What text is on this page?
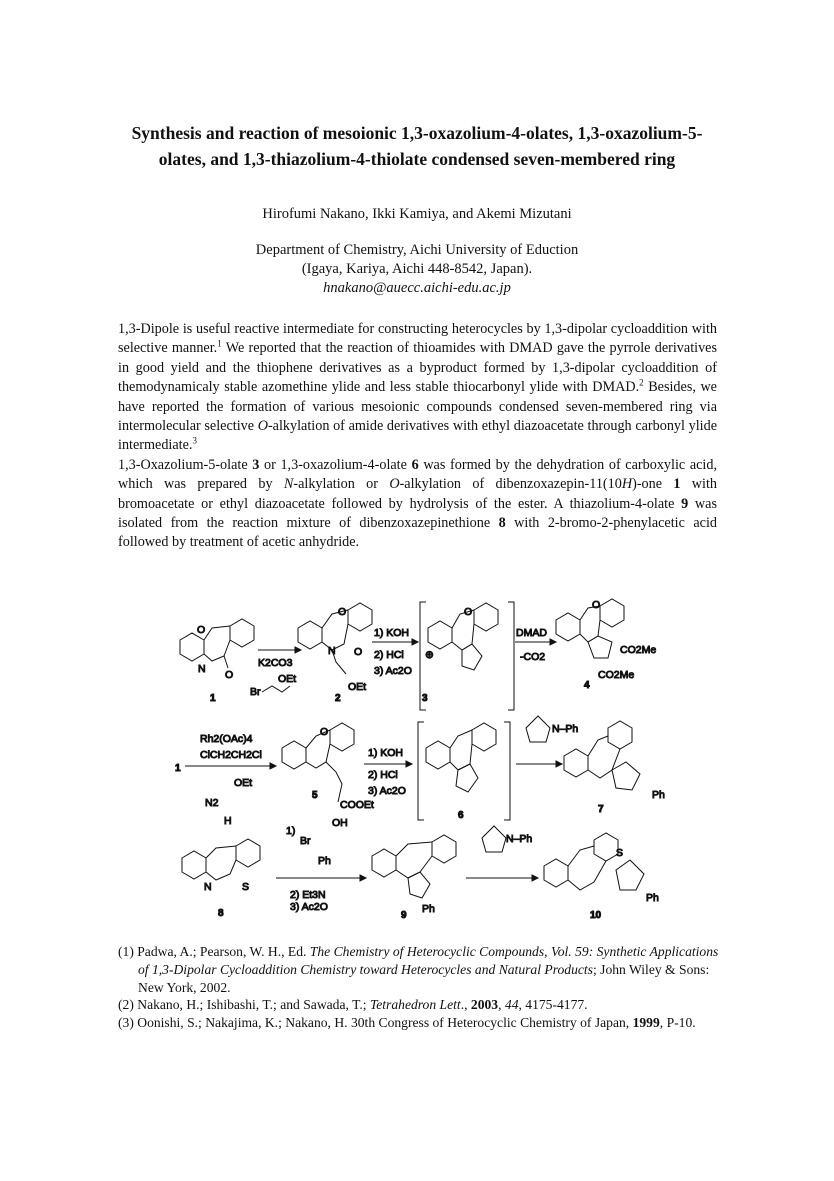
Synthesis and reaction of mesoionic 1,3-oxazolium-4-olates, 1,3-oxazolium-5-olates, and 1,3-thiazolium-4-thiolate condensed seven-membered ring
Hirofumi Nakano, Ikki Kamiya, and Akemi Mizutani
Department of Chemistry, Aichi University of Eduction
(Igaya, Kariya, Aichi 448-8542, Japan).
hnakano@auecc.aichi-edu.ac.jp

1,3-Dipole is useful reactive intermediate for constructing heterocycles by 1,3-dipolar cycloaddition with selective manner.$^1$ We reported that the reaction of thioamides with DMAD gave the pyrrole derivatives in good yield and the thiophene derivatives as a byproduct formed by 1,3-dipolar cycloaddition of themodynamicaly stable azomethine ylide and less stable thiocarbonyl ylide with DMAD.$^2$ Besides, we have reported the formation of various mesoionic compounds condensed seven-membered ring via intermolecular selective O-alkylation of amide derivatives with ethyl diazoacetate through carbonyl ylide intermediate.$^3$

1,3-Oxazolium-5-olate 3 or 1,3-oxazolium-4-olate 6 was formed by the dehydration of carboxylic acid, which was prepared by N-alkylation or O-alkylation of dibenzoxazepin-11(10H)-one 1 with bromoacetate or ethyl diazoacetate followed by hydrolysis of the ester. A thiazolium-4-olate 9 was isolated from the reaction mixture of dibenzoxazepinethione 8 with 2-bromo-2-phenylacetic acid followed by treatment of acetic anhydride.

O
N O
1
K2CO3
OEt
Br
O
N O
OEt
2
1) KOH
2) HCl
3) Ac2O
O
⊕
3
DMAD
-CO2
O
CO2Me
CO2Me
4
1
Rh2(OAc)4
ClCH2CH2Cl
OEt
N2
H
O
COOEt
5
1) KOH
2) HCl
3) Ac2O
6
N–Ph
Ph
7
N	S
8
1)
Br
OH
Ph
2) Et3N
3) Ac2O	Ph
9
N–Ph
S
Ph
10

(1) Padwa, A.; Pearson, W. H., Ed. The Chemistry of Heterocyclic Compounds, Vol. 59: Synthetic Applications of 1,3-Dipolar Cycloaddition Chemistry toward Heterocycles and Natural Products; John Wiley & Sons: New York, 2002.

(2) Nakano, H.; Ishibashi, T.; and Sawada, T.; Tetrahedron Lett., 2003, 44, 4175-4177.

(3) Oonishi, S.; Nakajima, K.; Nakano, H. 30th Congress of Heterocyclic Chemistry of Japan, 1999, P-10.
